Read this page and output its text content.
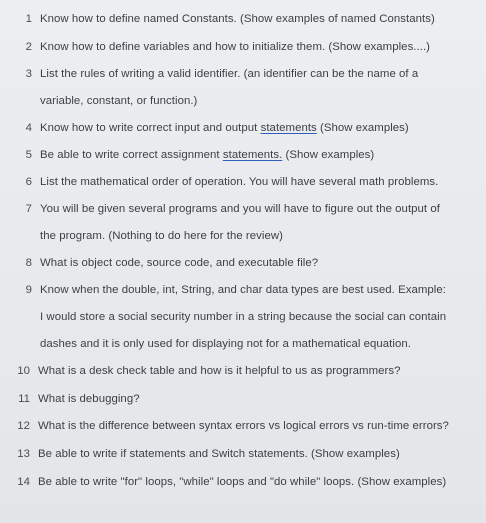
1 Know how to define named Constants. (Show examples of named Constants)
2 Know how to define variables and how to initialize them. (Show examples....)
3 List the rules of writing a valid identifier. (an identifier can be the name of a
variable, constant, or function.)
4 Know how to write correct input and output statements (Show examples)
5 Be able to write correct assignment statements. (Show examples)
6 List the mathematical order of operation. You will have several math problems.
7 You will be given several programs and you will have to figure out the output of
the program. (Nothing to do here for the review)
8 What is object code, source code, and executable file?
9 Know when the double, int, String, and char data types are best used. Example:
I would store a social security number in a string because the social can contain
dashes and it is only used for displaying not for a mathematical equation.
10 What is a desk check table and how is it helpful to us as programmers?
11 What is debugging?
12 What is the difference between syntax errors vs logical errors vs run-time errors?
13 Be able to write if statements and Switch statements. (Show examples)
14 Be able to write "for" loops, "while" loops and "do while" loops. (Show examples)
